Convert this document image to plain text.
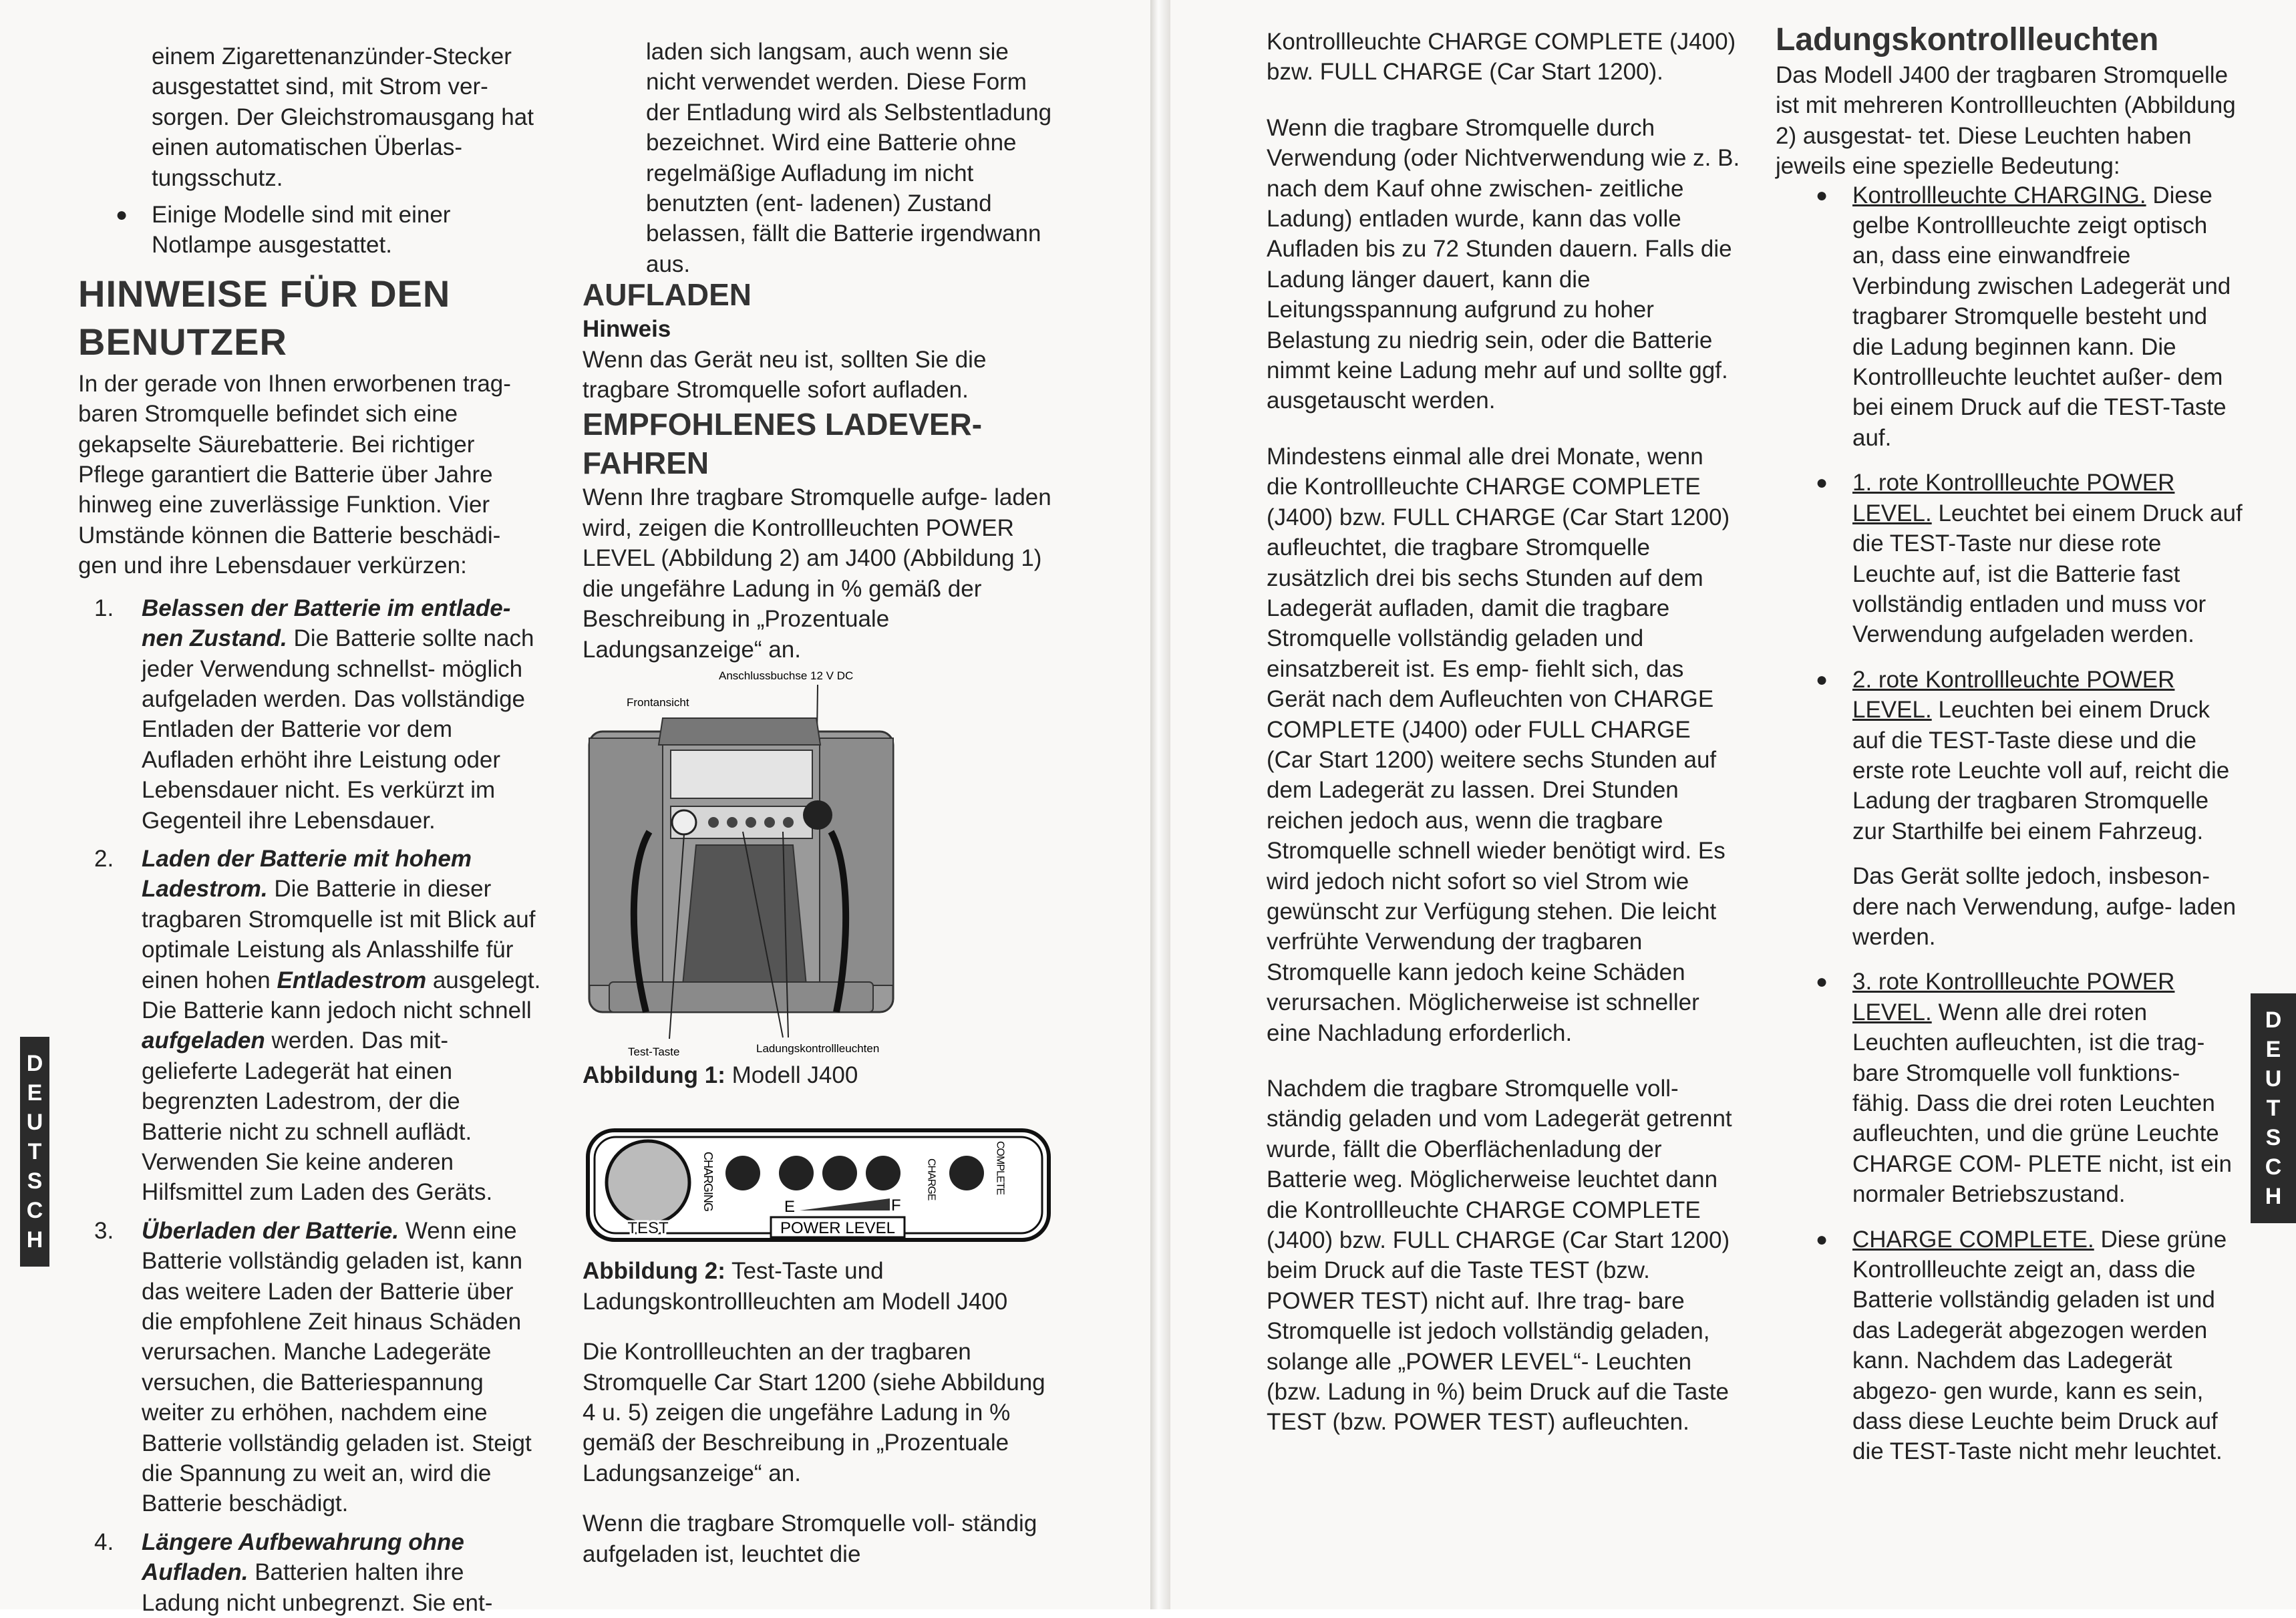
einem Zigarettenanzünder-Stecker ausgestattet sind, mit Strom ver- sorgen. Der Gleichstromausgang hat einen automatischen Überlas- tungsschutz.

● Einige Modelle sind mit einer Notlampe ausgestattet.

HINWEISE FÜR DEN
BENUTZER

In der gerade von Ihnen erworbenen trag- baren Stromquelle befindet sich eine gekapselte Säurebatterie. Bei richtiger Pflege garantiert die Batterie über Jahre hinweg eine zuverlässige Funktion. Vier Umstände können die Batterie beschädi- gen und ihre Lebensdauer verkürzen:

1. Belassen der Batterie im entlade- nen Zustand. Die Batterie sollte nach jeder Verwendung schnellst- möglich aufgeladen werden. Das vollständige Entladen der Batterie vor dem Aufladen erhöht ihre Leistung oder Lebensdauer nicht. Es verkürzt im Gegenteil ihre Lebensdauer.

2. Laden der Batterie mit hohem Ladestrom. Die Batterie in dieser tragbaren Stromquelle ist mit Blick auf optimale Leistung als Anlasshilfe für einen hohen Entladestrom ausgelegt. Die Batterie kann jedoch nicht schnell aufgeladen werden. Das mit- gelieferte Ladegerät hat einen begrenzten Ladestrom, der die Batterie nicht zu schnell auflädt. Verwenden Sie keine anderen Hilfsmittel zum Laden des Geräts.

3. Überladen der Batterie. Wenn eine Batterie vollständig geladen ist, kann das weitere Laden der Batterie über die empfohlene Zeit hinaus Schäden verursachen. Manche Ladegeräte versuchen, die Batteriespannung weiter zu erhöhen, nachdem eine Batterie vollständig geladen ist. Steigt die Spannung zu weit an, wird die Batterie beschädigt.

4. Längere Aufbewahrung ohne Aufladen. Batterien halten ihre Ladung nicht unbegrenzt. Sie ent-

D
E
U
T
S
C
H

laden sich langsam, auch wenn sie nicht verwendet werden. Diese Form der Entladung wird als Selbstentladung bezeichnet. Wird eine Batterie ohne regelmäßige Aufladung im nicht benutzten (ent- ladenen) Zustand belassen, fällt die Batterie irgendwann aus.

AUFLADEN
Hinweis

Wenn das Gerät neu ist, sollten Sie die tragbare Stromquelle sofort aufladen.

EMPFOHLENES LADEVER-
FAHREN

Wenn Ihre tragbare Stromquelle aufge- laden wird, zeigen die Kontrollleuchten POWER LEVEL (Abbildung 2) am J400 (Abbildung 1) die ungefähre Ladung in % gemäß der Beschreibung in „Prozentuale Ladungsanzeige“ an.

Anschlussbuchse 12 V DC
Frontansicht
Test-Taste	Ladungskontrollleuchten

Abbildung 1: Modell J400

TEST
CHARGING	E	F
POWER LEVEL
CHARGE	COMPLETE

Abbildung 2: Test-Taste und Ladungskontrollleuchten am Modell J400

Die Kontrollleuchten an der tragbaren Stromquelle Car Start 1200 (siehe Abbildung 4 u. 5) zeigen die ungefähre Ladung in % gemäß der Beschreibung in „Prozentuale Ladungsanzeige“ an.

Wenn die tragbare Stromquelle voll- ständig aufgeladen ist, leuchtet die

Kontrollleuchte CHARGE COMPLETE (J400) bzw. FULL CHARGE (Car Start 1200).

Wenn die tragbare Stromquelle durch Verwendung (oder Nichtverwendung wie z. B. nach dem Kauf ohne zwischen- zeitliche Ladung) entladen wurde, kann das volle Aufladen bis zu 72 Stunden dauern. Falls die Ladung länger dauert, kann die Leitungsspannung aufgrund zu hoher Belastung zu niedrig sein, oder die Batterie nimmt keine Ladung mehr auf und sollte ggf. ausgetauscht werden.

Mindestens einmal alle drei Monate, wenn die Kontrollleuchte CHARGE COMPLETE (J400) bzw. FULL CHARGE (Car Start 1200) aufleuchtet, die tragbare Stromquelle zusätzlich drei bis sechs Stunden auf dem Ladegerät aufladen, damit die tragbare Stromquelle vollständig geladen und einsatzbereit ist. Es emp- fiehlt sich, das Gerät nach dem Aufleuchten von CHARGE COMPLETE (J400) oder FULL CHARGE (Car Start 1200) weitere sechs Stunden auf dem Ladegerät zu lassen. Drei Stunden reichen jedoch aus, wenn die tragbare Stromquelle schnell wieder benötigt wird. Es wird jedoch nicht sofort so viel Strom wie gewünscht zur Verfügung stehen. Die leicht verfrühte Verwendung der tragbaren Stromquelle kann jedoch keine Schäden verursachen. Möglicherweise ist schneller eine Nachladung erforderlich.

Nachdem die tragbare Stromquelle voll- ständig geladen und vom Ladegerät getrennt wurde, fällt die Oberflächenladung der Batterie weg. Möglicherweise leuchtet dann die Kontrollleuchte CHARGE COMPLETE (J400) bzw. FULL CHARGE (Car Start 1200) beim Druck auf die Taste TEST (bzw. POWER TEST) nicht auf. Ihre trag- bare Stromquelle ist jedoch vollständig geladen, solange alle „POWER LEVEL“- Leuchten (bzw. Ladung in %) beim Druck auf die Taste TEST (bzw. POWER TEST) aufleuchten.

Ladungskontrollleuchten

Das Modell J400 der tragbaren Stromquelle ist mit mehreren Kontrollleuchten (Abbildung 2) ausgestat- tet. Diese Leuchten haben jeweils eine spezielle Bedeutung:

● Kontrollleuchte CHARGING. Diese gelbe Kontrollleuchte zeigt optisch an, dass eine einwandfreie Verbindung zwischen Ladegerät und tragbarer Stromquelle besteht und die Ladung beginnen kann. Die Kontrollleuchte leuchtet außer- dem bei einem Druck auf die TEST-Taste auf.

● 1. rote Kontrollleuchte POWER LEVEL. Leuchtet bei einem Druck auf die TEST-Taste nur diese rote Leuchte auf, ist die Batterie fast vollständig entladen und muss vor Verwendung aufgeladen werden.

● 2. rote Kontrollleuchte POWER LEVEL. Leuchten bei einem Druck auf die TEST-Taste diese und die erste rote Leuchte voll auf, reicht die Ladung der tragbaren Stromquelle zur Starthilfe bei einem Fahrzeug.

Das Gerät sollte jedoch, insbeson- dere nach Verwendung, aufge- laden werden.

● 3. rote Kontrollleuchte POWER LEVEL. Wenn alle drei roten Leuchten aufleuchten, ist die trag- bare Stromquelle voll funktions- fähig. Dass die drei roten Leuchten aufleuchten, und die grüne Leuchte CHARGE COM- PLETE nicht, ist ein normaler Betriebszustand.

● CHARGE COMPLETE. Diese grüne Kontrollleuchte zeigt an, dass die Batterie vollständig geladen ist und das Ladegerät abgezogen werden kann. Nachdem das Ladegerät abgezo- gen wurde, kann es sein, dass diese Leuchte beim Druck auf die TEST-Taste nicht mehr leuchtet.

D
E
U
T
S
C
H
